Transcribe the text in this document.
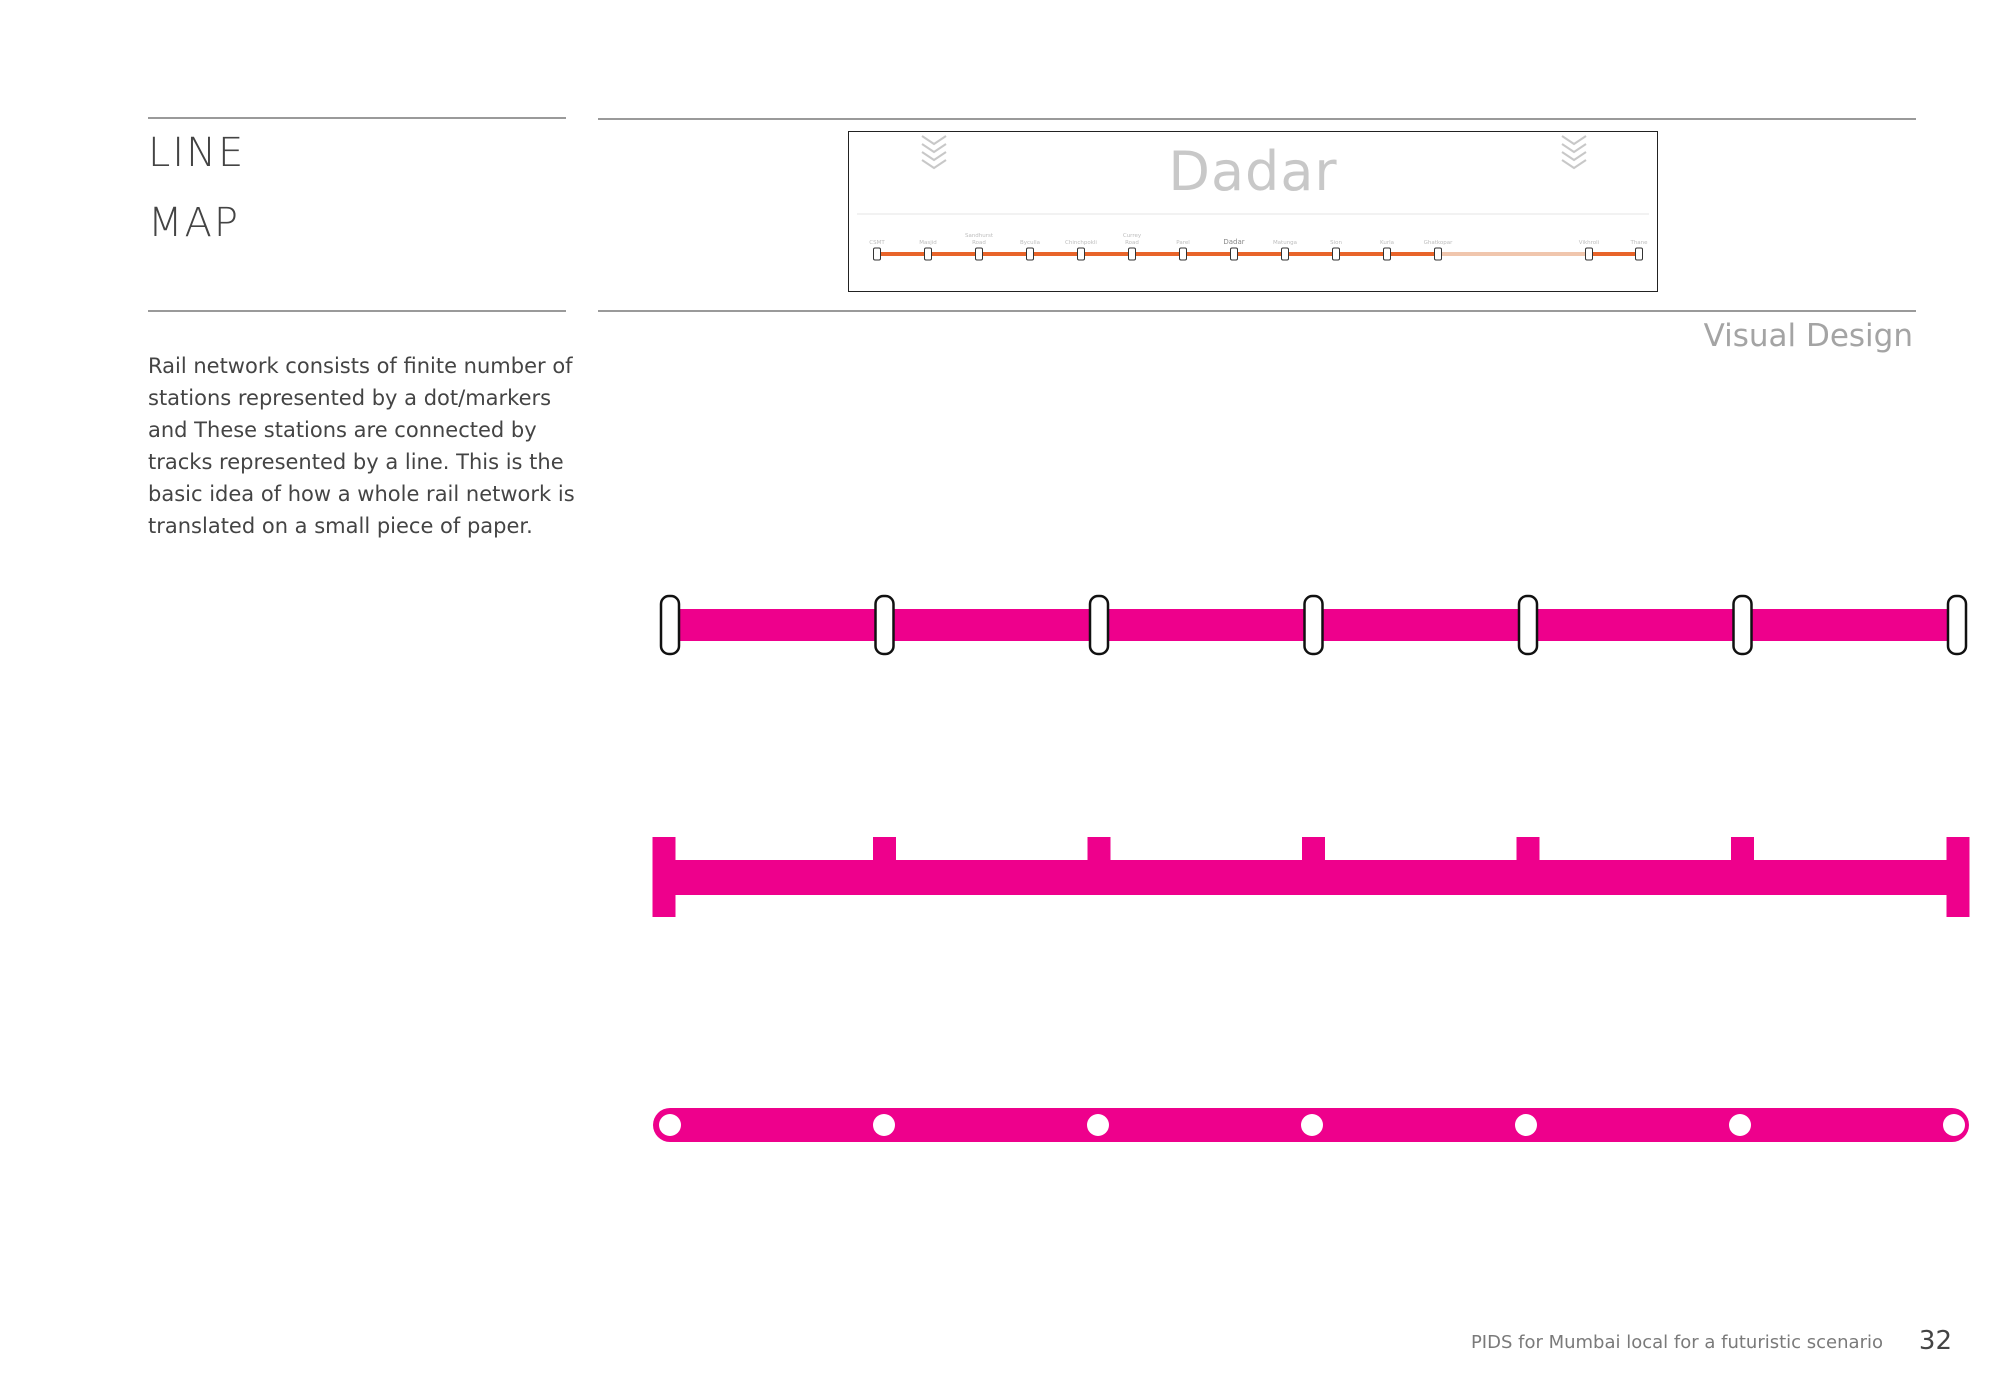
LINE
MAP
Rail network consists of finite number of
stations represented by a dot/markers
and These stations are connected by
tracks represented by a line. This is the
basic idea of how a whole rail network is
translated on a small piece of paper.
Dadar
CSMT	Masjid
Sandhurst
Road	Byculla	Chinchpokli
Currey
Road	Parel	Dadar	Matunga	Sion	Kurla	Ghatkopar	Vikhroli	Thane
Visual Design
PIDS for Mumbai local for a futuristic scenario 32
